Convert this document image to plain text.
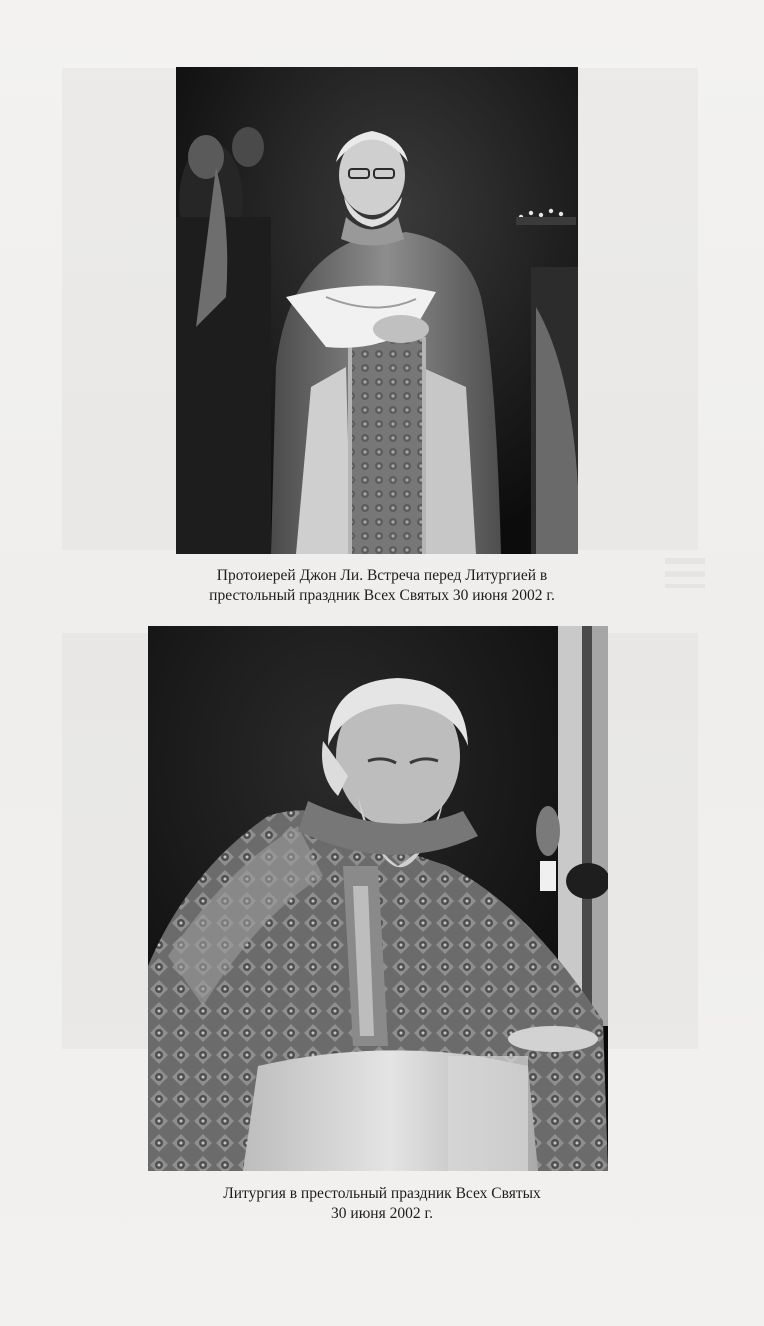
Протоиерей Джон Ли. Встреча перед Литургией в
престольный праздник Всех Святых 30 июня 2002 г.
Литургия в престольный праздник Всех Святых
30 июня 2002 г.
